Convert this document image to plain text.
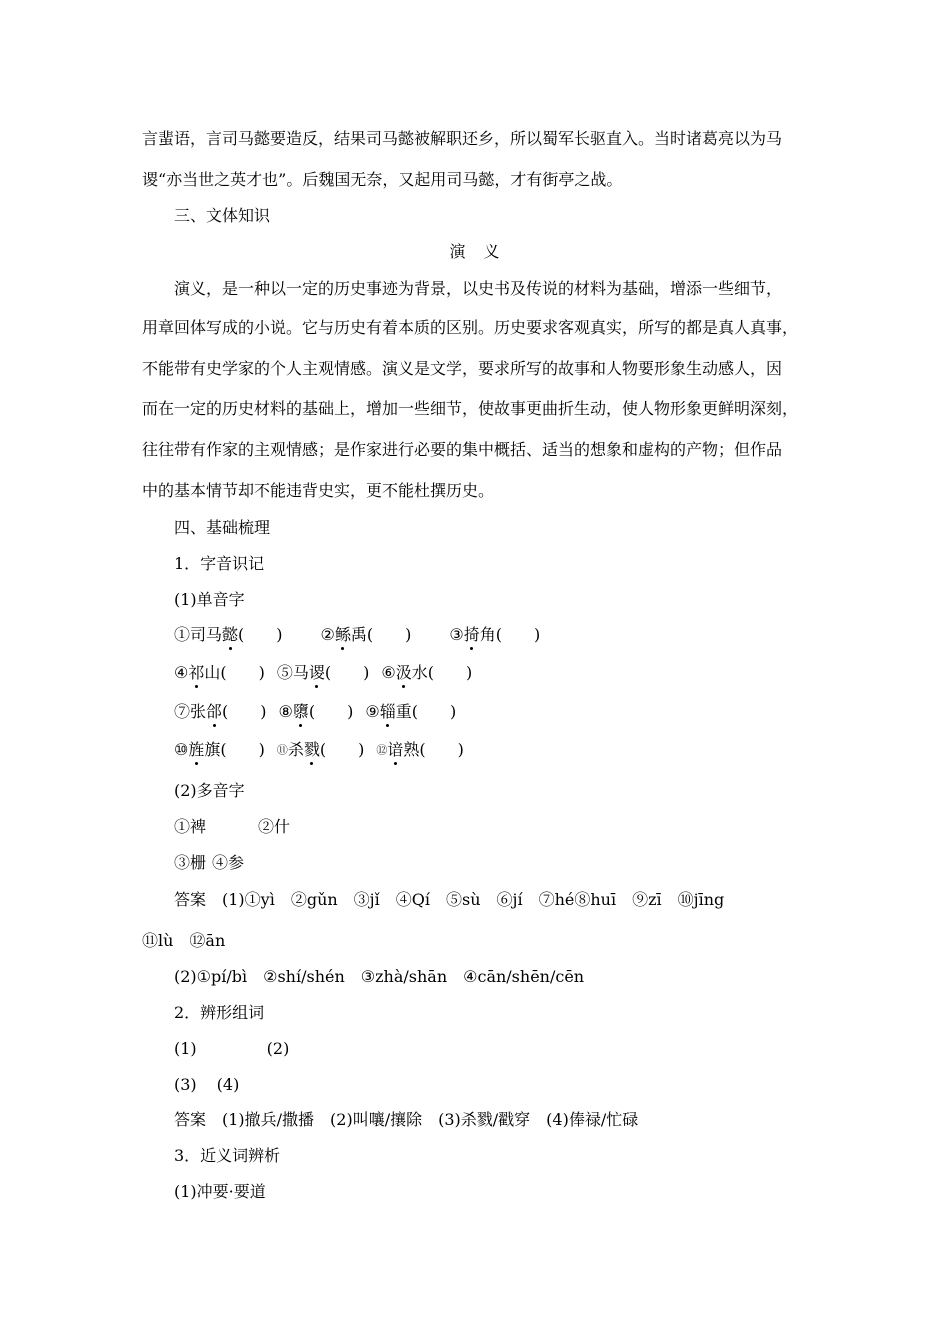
言蜚语，言司马懿要造反，结果司马懿被解职还乡，所以蜀军长驱直入。当时诸葛亮以为马
谡“亦当世之英才也”。后魏国无奈，又起用司马懿，才有街亭之战。
三、文体知识
演　义
演义，是一种以一定的历史事迹为背景，以史书及传说的材料为基础，增添一些细节，
用章回体写成的小说。它与历史有着本质的区别。历史要求客观真实，所写的都是真人真事，
不能带有史学家的个人主观情感。演义是文学，要求所写的故事和人物要形象生动感人，因
而在一定的历史材料的基础上，增加一些细节，使故事更曲折生动，使人物形象更鲜明深刻，
往往带有作家的主观情感；是作家进行必要的集中概括、适当的想象和虚构的产物；但作品
中的基本情节却不能违背史实，更不能杜撰历史。
四、基础梳理
1．字音识记
(1)单音字
①司马懿(　　) ②鲧禹(　　) ③掎角(　　)
④祁山(　　) ⑤马谡(　　) ⑥汲水(　　)
⑦张郃(　　) ⑧隳(　　) ⑨辎重(　　)
⑩旌旗(　　) ⑪杀戮(　　) ⑫谙熟(　　)
(2)多音字
①裨	②什
③栅 ④参
答案　(1)①yì　②gǔn　③jǐ　④Qí　⑤sù　⑥jí　⑦hé⑧huī　⑨zī　⑩jīng
⑪lù　⑫ān
(2)①pí/bì　②shí/shén　③zhà/shān　④cān/shēn/cēn
2．辨形组词
(1)	(2)
(3) (4)
答案　(1)撤兵/撒播　(2)叫嚷/攘除　(3)杀戮/戳穿　(4)俸禄/忙碌
3．近义词辨析
(1)冲要·要道
